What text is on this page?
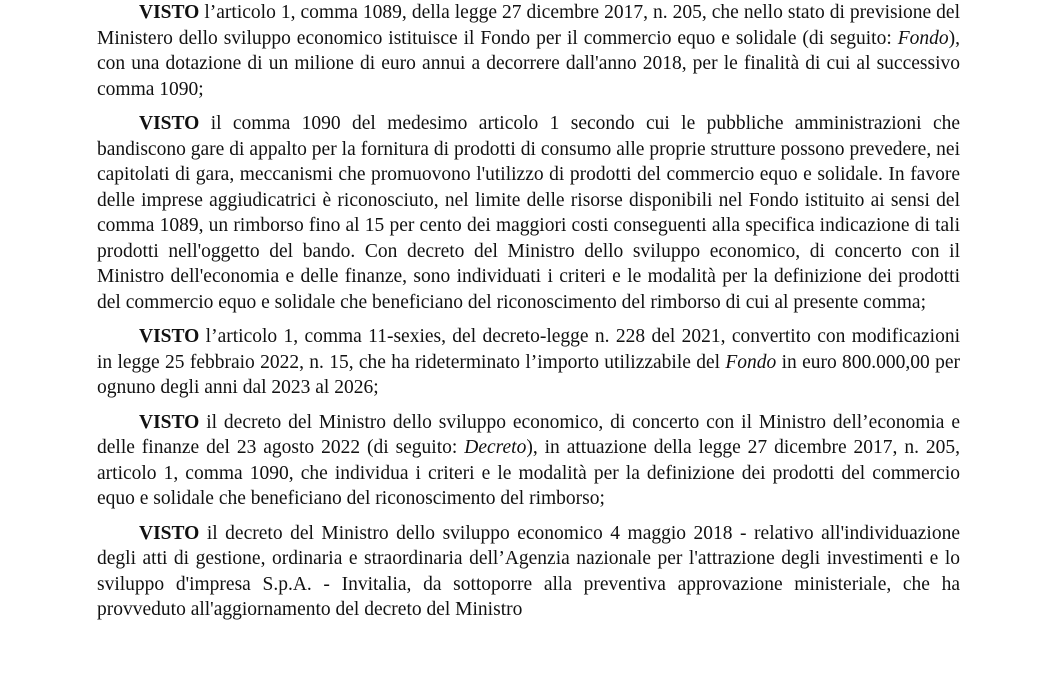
VISTO l’articolo 1, comma 1089, della legge 27 dicembre 2017, n. 205, che nello stato di previsione del Ministero dello sviluppo economico istituisce il Fondo per il commercio equo e solidale (di seguito: Fondo), con una dotazione di un milione di euro annui a decorrere dall'anno 2018, per le finalità di cui al successivo comma 1090;

VISTO il comma 1090 del medesimo articolo 1 secondo cui le pubbliche amministrazioni che bandiscono gare di appalto per la fornitura di prodotti di consumo alle proprie strutture possono prevedere, nei capitolati di gara, meccanismi che promuovono l'utilizzo di prodotti del commercio equo e solidale. In favore delle imprese aggiudicatrici è riconosciuto, nel limite delle risorse disponibili nel Fondo istituito ai sensi del comma 1089, un rimborso fino al 15 per cento dei maggiori costi conseguenti alla specifica indicazione di tali prodotti nell'oggetto del bando. Con decreto del Ministro dello sviluppo economico, di concerto con il Ministro dell'economia e delle finanze, sono individuati i criteri e le modalità per la definizione dei prodotti del commercio equo e solidale che beneficiano del riconoscimento del rimborso di cui al presente comma;

VISTO l’articolo 1, comma 11-sexies, del decreto-legge n. 228 del 2021, convertito con modificazioni in legge 25 febbraio 2022, n. 15, che ha rideterminato l’importo utilizzabile del Fondo in euro 800.000,00 per ognuno degli anni dal 2023 al 2026;

VISTO il decreto del Ministro dello sviluppo economico, di concerto con il Ministro dell’economia e delle finanze del 23 agosto 2022 (di seguito: Decreto), in attuazione della legge 27 dicembre 2017, n. 205, articolo 1, comma 1090, che individua i criteri e le modalità per la definizione dei prodotti del commercio equo e solidale che beneficiano del riconoscimento del rimborso;

VISTO il decreto del Ministro dello sviluppo economico 4 maggio 2018 - relativo all'individuazione degli atti di gestione, ordinaria e straordinaria dell’Agenzia nazionale per l'attrazione degli investimenti e lo sviluppo d'impresa S.p.A. - Invitalia, da sottoporre alla preventiva approvazione ministeriale, che ha provveduto all'aggiornamento del decreto del Ministro
